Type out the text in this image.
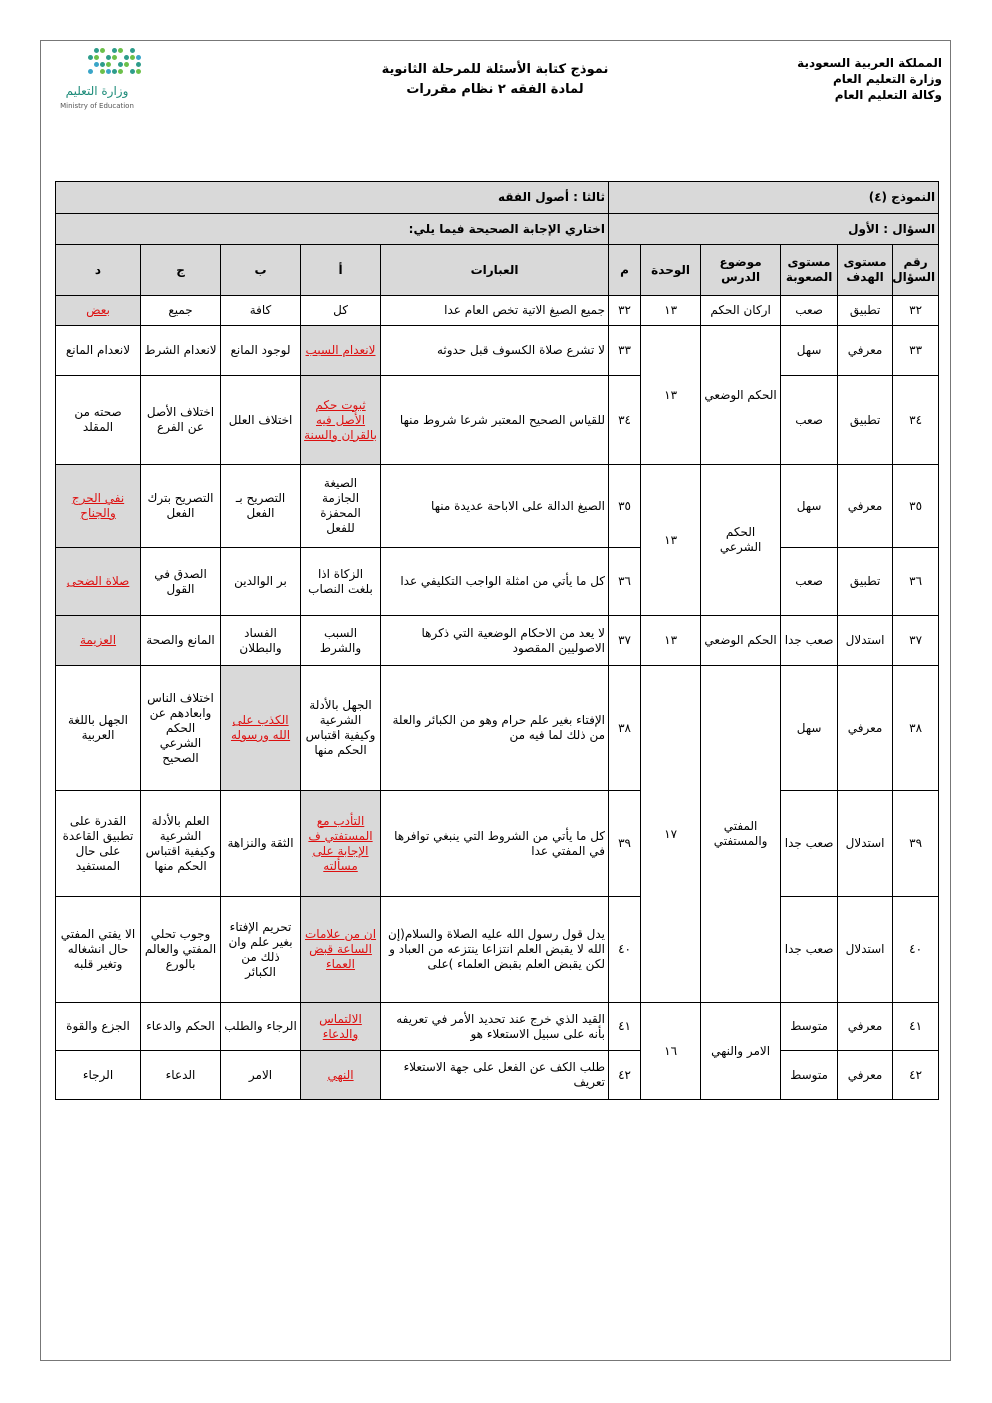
المملكة العربية السعودية
وزارة التعليم العام
وكالة التعليم العام
نموذج كتابة الأسئلة للمرحلة الثانوية
لمادة الفقه ٢ نظام مقررات
وزارة التعليم
Ministry of Education
النموذج (٤)						ثالثا : أصول الفقه				
السؤال : الأول						اختاري الإجابة الصحيحة فيما يلي:				
رقم السؤال	مستوى الهدف	مستوى الصعوبة	موضوع الدرس	الوحدة	م	العبارات	أ	ب	ج	د
٣٢	تطبيق	صعب	اركان الحكم	١٣	٣٢	جميع الصيغ الاتية تخص العام عدا	كل	كافة	جميع	بعض
٣٣	معرفي	سهل	الحكم الوضعي	١٣	٣٣	لا تشرع صلاة الكسوف قبل حدوثه	لانعدام السبب	لوجود المانع	لانعدام الشرط	لانعدام المانع
٣٤	تطبيق	صعب			٣٤	للقياس الصحيح المعتبر شرعا شروط منها	ثبوت حكم الأصل فيه بالقران والسنة	اختلاف العلل	اختلاف الأصل عن الفرع	صحته من المقلد
٣٥	معرفي	سهل	الحكم الشرعي	١٣	٣٥	الصيغ الدالة على الاباحة عديدة منها	الصيغة الجازمة المحفزة للفعل	التصريح بـ الفعل	التصريح بترك الفعل	نفي الحرج والجناح
٣٦	تطبيق	صعب			٣٦	كل ما يأتي من امثلة الواجب التكليفي عدا	الزكاة اذا بلغت النصاب	بر الوالدين	الصدق في القول	صلاة الضحى
٣٧	استدلال	صعب جدا	الحكم الوضعي	١٣	٣٧	لا يعد من الاحكام الوضعية التي ذكرها الاصوليين المقصود	السبب والشرط	الفساد والبطلان	المانع والصحة	العزيمة
٣٨	معرفي	سهل	المفتي والمستفتي	١٧	٣٨	الإفتاء بغير علم حرام وهو من الكبائر والعلة من ذلك لما فيه من	الجهل بالأدلة الشرعية وكيفية اقتباس الحكم منها	الكذب على الله ورسوله	اختلاف الناس وابعادهم عن الحكم الشرعي الصحيح	الجهل باللغة العربية
٣٩	استدلال	صعب جدا			٣٩	كل ما يأتي من الشروط التي ينبغي توافرها في المفتي عدا	التأدب مع المستفتي ف الإجابة على مسألته	الثقة والنزاهة	العلم بالأدلة الشرعية وكيفية اقتباس الحكم منها	القدرة على تطبيق القاعدة على حال المستفيد
٤٠	استدلال	صعب جدا			٤٠	يدل قول رسول الله عليه الصلاة والسلام(إن الله لا يقبض العلم انتزاعا ينتزعه من العباد و لكن يقبض العلم بقبض العلماء )على	ان من علامات الساعة قبض العماء	تحريم الإفتاء بغير علم وان ذلك من الكبائر	وجوب تحلي المفتي والعالم بالورع	الا يفتي المفتي حال انشغاله وتغير قلبه
٤١	معرفي	متوسط	الامر والنهي	١٦	٤١	القيد الذي خرج عند تحديد الأمر في تعريفه بأنه على سبيل الاستعلاء هو	الالتماس والدعاء	الرجاء والطلب	الحكم والدعاء	الجزع والقوة
٤٢	معرفي	متوسط			٤٢	طلب الكف عن الفعل على جهة الاستعلاء تعريف	النهي	الامر	الدعاء	الرجاء
